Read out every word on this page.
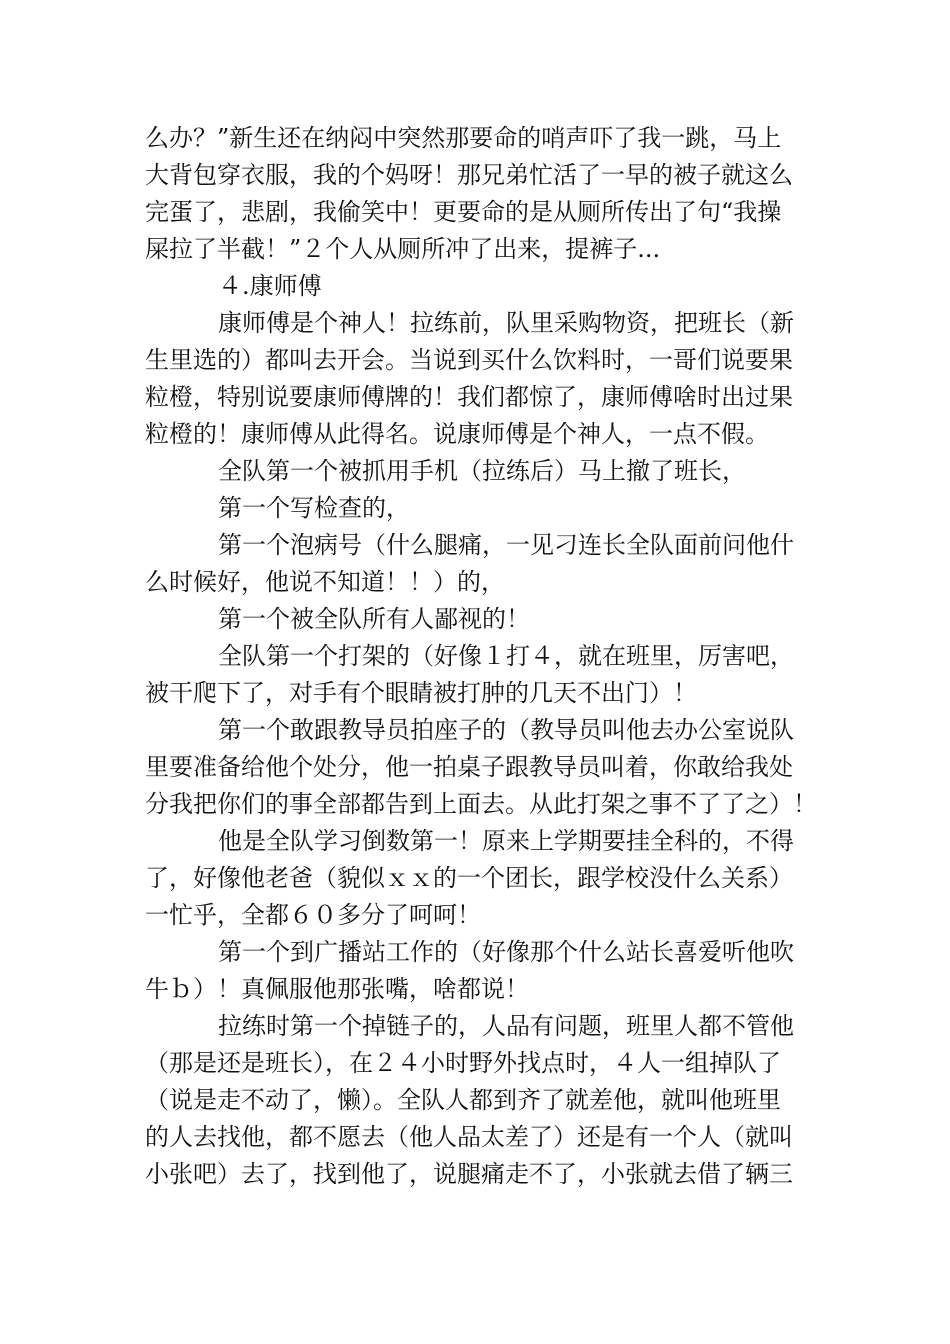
么办？”新生还在纳闷中突然那要命的哨声吓了我一跳，马上
大背包穿衣服，我的个妈呀！那兄弟忙活了一早的被子就这么
完蛋了，悲剧，我偷笑中！更要命的是从厕所传出了句“我操
屎拉了半截！”２个人从厕所冲了出来，提裤子...
４.康师傅
康师傅是个神人！拉练前，队里采购物资，把班长（新
生里选的）都叫去开会。当说到买什么饮料时，一哥们说要果
粒橙，特别说要康师傅牌的！我们都惊了，康师傅啥时出过果
粒橙的！康师傅从此得名。说康师傅是个神人，一点不假。
全队第一个被抓用手机（拉练后）马上撤了班长，
第一个写检查的，
第一个泡病号（什么腿痛，一见刁连长全队面前问他什
么时候好，他说不知道！！）的，
第一个被全队所有人鄙视的！
全队第一个打架的（好像１打４，就在班里，厉害吧，
被干爬下了，对手有个眼睛被打肿的几天不出门）！
第一个敢跟教导员拍座子的（教导员叫他去办公室说队
里要准备给他个处分，他一拍桌子跟教导员叫着，你敢给我处
分我把你们的事全部都告到上面去。从此打架之事不了了之）！
他是全队学习倒数第一！原来上学期要挂全科的，不得
了，好像他老爸（貌似ｘｘ的一个团长，跟学校没什么关系）
一忙乎，全都６０多分了呵呵！
第一个到广播站工作的（好像那个什么站长喜爱听他吹
牛ｂ）！真佩服他那张嘴，啥都说！
拉练时第一个掉链子的，人品有问题，班里人都不管他
（那是还是班长），在２４小时野外找点时，４人一组掉队了
（说是走不动了，懒）。全队人都到齐了就差他，就叫他班里
的人去找他，都不愿去（他人品太差了）还是有一个人（就叫
小张吧）去了，找到他了，说腿痛走不了，小张就去借了辆三
